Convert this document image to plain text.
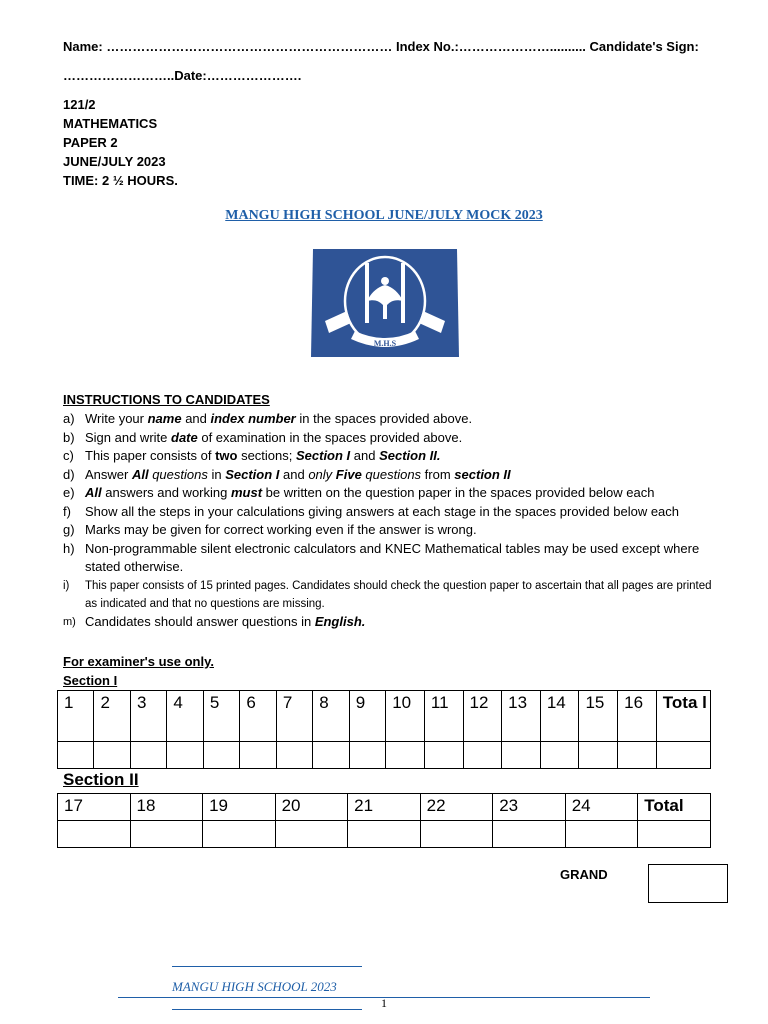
Name: ………………………………………………………… Index No.:………………….......... Candidate's Sign:
……………………..Date:………………….
121/2
MATHEMATICS
PAPER 2
JUNE/JULY 2023
TIME: 2 ½ HOURS.
MANGU HIGH SCHOOL JUNE/JULY MOCK 2023
M.H.S
INSTRUCTIONS TO CANDIDATES
a) Write your name and index number in the spaces provided above.
b) Sign and write date of examination in the spaces provided above.
c) This paper consists of two sections; Section I and Section II.
d) Answer All questions in Section I and only Five questions from section II
e) All answers and working must be written on the question paper in the spaces provided below each
f) Show all the steps in your calculations giving answers at each stage in the spaces provided below each
g) Marks may be given for correct working even if the answer is wrong.
h) Non-programmable silent electronic calculators and KNEC Mathematical tables may be used except where stated otherwise.
i) This paper consists of 15 printed pages. Candidates should check the question paper to ascertain that all pages are printed as indicated and that no questions are missing.
m) Candidates should answer questions in English.
For examiner's use only.
Section I
1	2	3	4	5	6	7	8	9	10	11	12	13	14	15	16	Tota l

Section II
17	18	19	20	21	22	23	24	Total

GRAND
MANGU HIGH SCHOOL 2023
1
